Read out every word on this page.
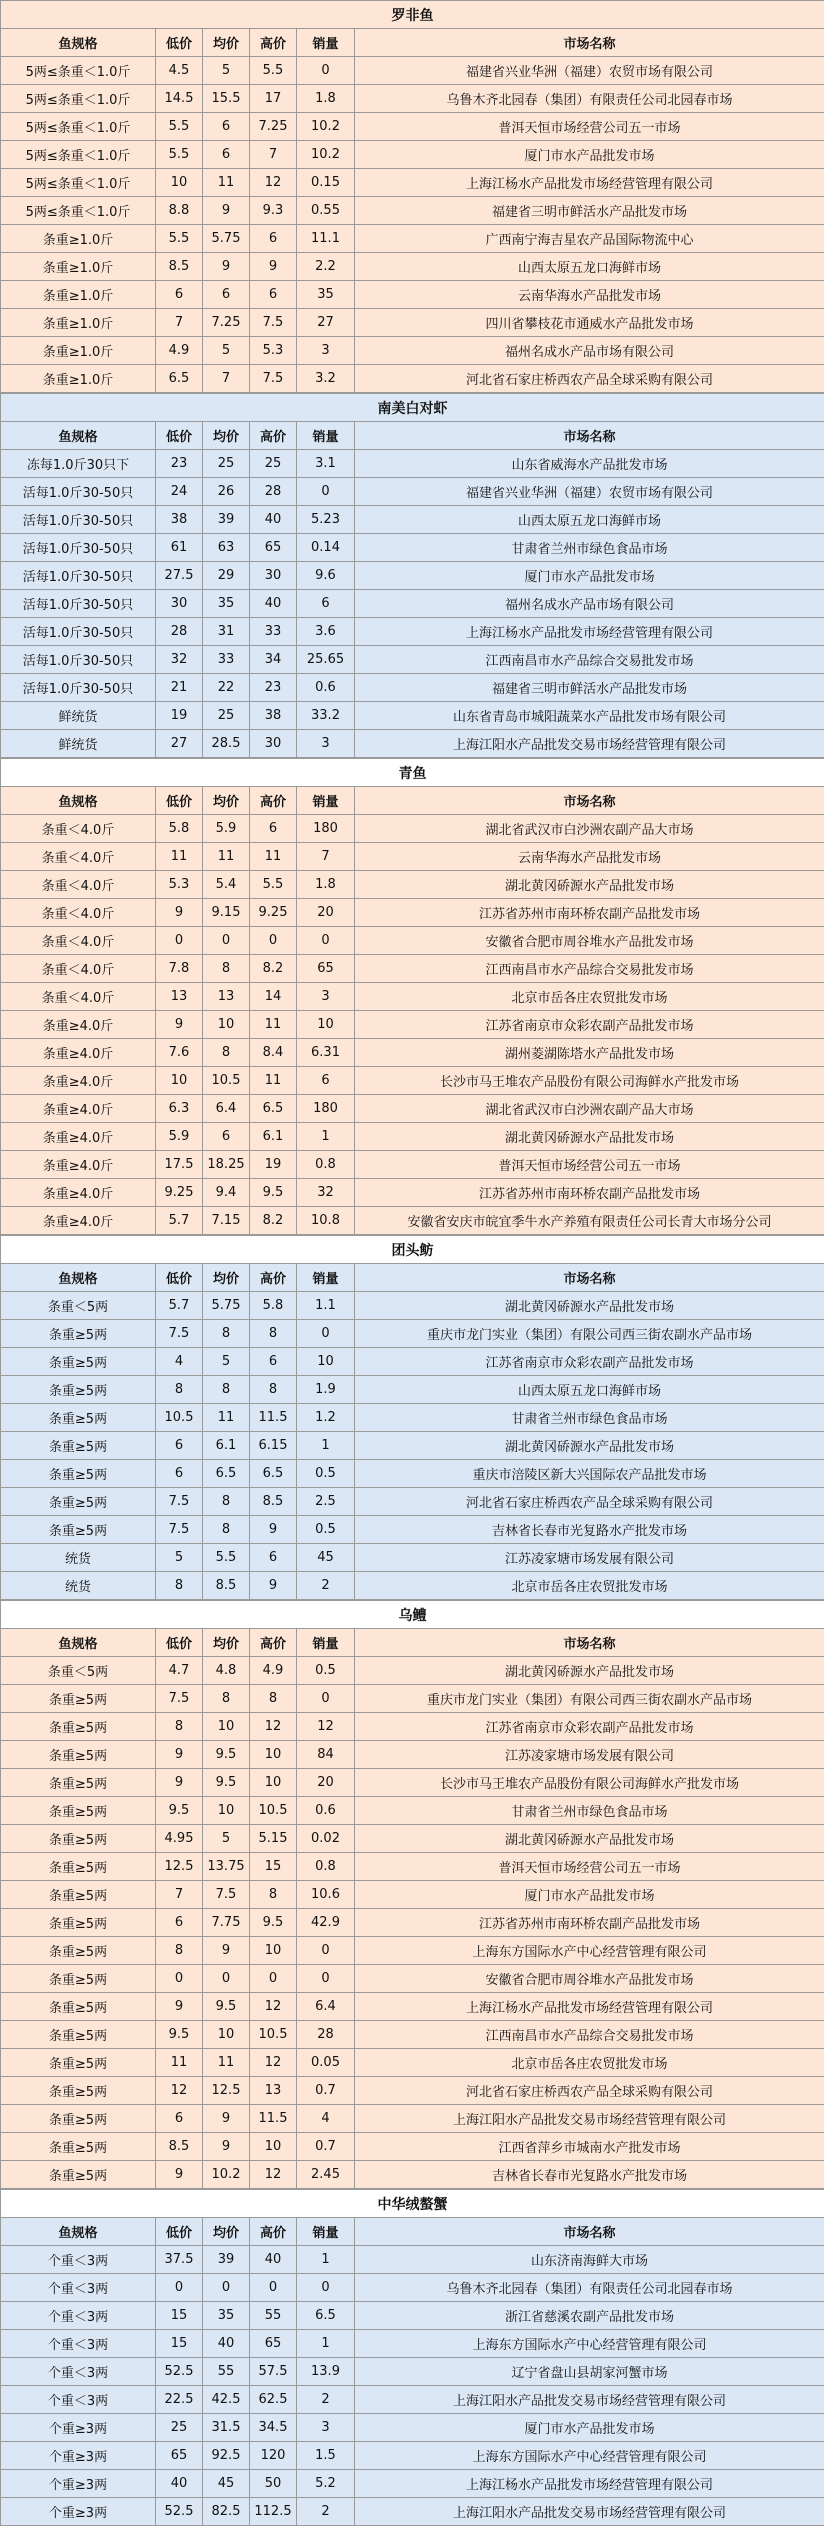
罗非鱼					
鱼规格	低价	均价	高价	销量	市场名称
5两≤条重＜1.0斤	4.5	5	5.5	0	福建省兴业华洲（福建）农贸市场有限公司
5两≤条重＜1.0斤	14.5	15.5	17	1.8	乌鲁木齐北园春（集团）有限责任公司北园春市场
5两≤条重＜1.0斤	5.5	6	7.25	10.2	普洱天恒市场经营公司五一市场
5两≤条重＜1.0斤	5.5	6	7	10.2	厦门市水产品批发市场
5两≤条重＜1.0斤	10	11	12	0.15	上海江杨水产品批发市场经营管理有限公司
5两≤条重＜1.0斤	8.8	9	9.3	0.55	福建省三明市鲜活水产品批发市场
条重≥1.0斤	5.5	5.75	6	11.1	广西南宁海吉星农产品国际物流中心
条重≥1.0斤	8.5	9	9	2.2	山西太原五龙口海鲜市场
条重≥1.0斤	6	6	6	35	云南华海水产品批发市场
条重≥1.0斤	7	7.25	7.5	27	四川省攀枝花市通威水产品批发市场
条重≥1.0斤	4.9	5	5.3	3	福州名成水产品市场有限公司
条重≥1.0斤	6.5	7	7.5	3.2	河北省石家庄桥西农产品全球采购有限公司
南美白对虾					
鱼规格	低价	均价	高价	销量	市场名称
冻每1.0斤30只下	23	25	25	3.1	山东省威海水产品批发市场
活每1.0斤30-50只	24	26	28	0	福建省兴业华洲（福建）农贸市场有限公司
活每1.0斤30-50只	38	39	40	5.23	山西太原五龙口海鲜市场
活每1.0斤30-50只	61	63	65	0.14	甘肃省兰州市绿色食品市场
活每1.0斤30-50只	27.5	29	30	9.6	厦门市水产品批发市场
活每1.0斤30-50只	30	35	40	6	福州名成水产品市场有限公司
活每1.0斤30-50只	28	31	33	3.6	上海江杨水产品批发市场经营管理有限公司
活每1.0斤30-50只	32	33	34	25.65	江西南昌市水产品综合交易批发市场
活每1.0斤30-50只	21	22	23	0.6	福建省三明市鲜活水产品批发市场
鲜统货	19	25	38	33.2	山东省青岛市城阳蔬菜水产品批发市场有限公司
鲜统货	27	28.5	30	3	上海江阳水产品批发交易市场经营管理有限公司
青鱼					
鱼规格	低价	均价	高价	销量	市场名称
条重＜4.0斤	5.8	5.9	6	180	湖北省武汉市白沙洲农副产品大市场
条重＜4.0斤	11	11	11	7	云南华海水产品批发市场
条重＜4.0斤	5.3	5.4	5.5	1.8	湖北黄冈硚源水产品批发市场
条重＜4.0斤	9	9.15	9.25	20	江苏省苏州市南环桥农副产品批发市场
条重＜4.0斤	0	0	0	0	安徽省合肥市周谷堆水产品批发市场
条重＜4.0斤	7.8	8	8.2	65	江西南昌市水产品综合交易批发市场
条重＜4.0斤	13	13	14	3	北京市岳各庄农贸批发市场
条重≥4.0斤	9	10	11	10	江苏省南京市众彩农副产品批发市场
条重≥4.0斤	7.6	8	8.4	6.31	湖州菱湖陈塔水产品批发市场
条重≥4.0斤	10	10.5	11	6	长沙市马王堆农产品股份有限公司海鲜水产批发市场
条重≥4.0斤	6.3	6.4	6.5	180	湖北省武汉市白沙洲农副产品大市场
条重≥4.0斤	5.9	6	6.1	1	湖北黄冈硚源水产品批发市场
条重≥4.0斤	17.5	18.25	19	0.8	普洱天恒市场经营公司五一市场
条重≥4.0斤	9.25	9.4	9.5	32	江苏省苏州市南环桥农副产品批发市场
条重≥4.0斤	5.7	7.15	8.2	10.8	安徽省安庆市皖宜季牛水产养殖有限责任公司长青大市场分公司
团头鲂					
鱼规格	低价	均价	高价	销量	市场名称
条重＜5两	5.7	5.75	5.8	1.1	湖北黄冈硚源水产品批发市场
条重≥5两	7.5	8	8	0	重庆市龙门实业（集团）有限公司西三街农副水产品市场
条重≥5两	4	5	6	10	江苏省南京市众彩农副产品批发市场
条重≥5两	8	8	8	1.9	山西太原五龙口海鲜市场
条重≥5两	10.5	11	11.5	1.2	甘肃省兰州市绿色食品市场
条重≥5两	6	6.1	6.15	1	湖北黄冈硚源水产品批发市场
条重≥5两	6	6.5	6.5	0.5	重庆市涪陵区新大兴国际农产品批发市场
条重≥5两	7.5	8	8.5	2.5	河北省石家庄桥西农产品全球采购有限公司
条重≥5两	7.5	8	9	0.5	吉林省长春市光复路水产批发市场
统货	5	5.5	6	45	江苏凌家塘市场发展有限公司
统货	8	8.5	9	2	北京市岳各庄农贸批发市场
乌鳢					
鱼规格	低价	均价	高价	销量	市场名称
条重＜5两	4.7	4.8	4.9	0.5	湖北黄冈硚源水产品批发市场
条重≥5两	7.5	8	8	0	重庆市龙门实业（集团）有限公司西三街农副水产品市场
条重≥5两	8	10	12	12	江苏省南京市众彩农副产品批发市场
条重≥5两	9	9.5	10	84	江苏凌家塘市场发展有限公司
条重≥5两	9	9.5	10	20	长沙市马王堆农产品股份有限公司海鲜水产批发市场
条重≥5两	9.5	10	10.5	0.6	甘肃省兰州市绿色食品市场
条重≥5两	4.95	5	5.15	0.02	湖北黄冈硚源水产品批发市场
条重≥5两	12.5	13.75	15	0.8	普洱天恒市场经营公司五一市场
条重≥5两	7	7.5	8	10.6	厦门市水产品批发市场
条重≥5两	6	7.75	9.5	42.9	江苏省苏州市南环桥农副产品批发市场
条重≥5两	8	9	10	0	上海东方国际水产中心经营管理有限公司
条重≥5两	0	0	0	0	安徽省合肥市周谷堆水产品批发市场
条重≥5两	9	9.5	12	6.4	上海江杨水产品批发市场经营管理有限公司
条重≥5两	9.5	10	10.5	28	江西南昌市水产品综合交易批发市场
条重≥5两	11	11	12	0.05	北京市岳各庄农贸批发市场
条重≥5两	12	12.5	13	0.7	河北省石家庄桥西农产品全球采购有限公司
条重≥5两	6	9	11.5	4	上海江阳水产品批发交易市场经营管理有限公司
条重≥5两	8.5	9	10	0.7	江西省萍乡市城南水产批发市场
条重≥5两	9	10.2	12	2.45	吉林省长春市光复路水产批发市场
中华绒螯蟹					
鱼规格	低价	均价	高价	销量	市场名称
个重＜3两	37.5	39	40	1	山东济南海鲜大市场
个重＜3两	0	0	0	0	乌鲁木齐北园春（集团）有限责任公司北园春市场
个重＜3两	15	35	55	6.5	浙江省慈溪农副产品批发市场
个重＜3两	15	40	65	1	上海东方国际水产中心经营管理有限公司
个重＜3两	52.5	55	57.5	13.9	辽宁省盘山县胡家河蟹市场
个重＜3两	22.5	42.5	62.5	2	上海江阳水产品批发交易市场经营管理有限公司
个重≥3两	25	31.5	34.5	3	厦门市水产品批发市场
个重≥3两	65	92.5	120	1.5	上海东方国际水产中心经营管理有限公司
个重≥3两	40	45	50	5.2	上海江杨水产品批发市场经营管理有限公司
个重≥3两	52.5	82.5	112.5	2	上海江阳水产品批发交易市场经营管理有限公司
